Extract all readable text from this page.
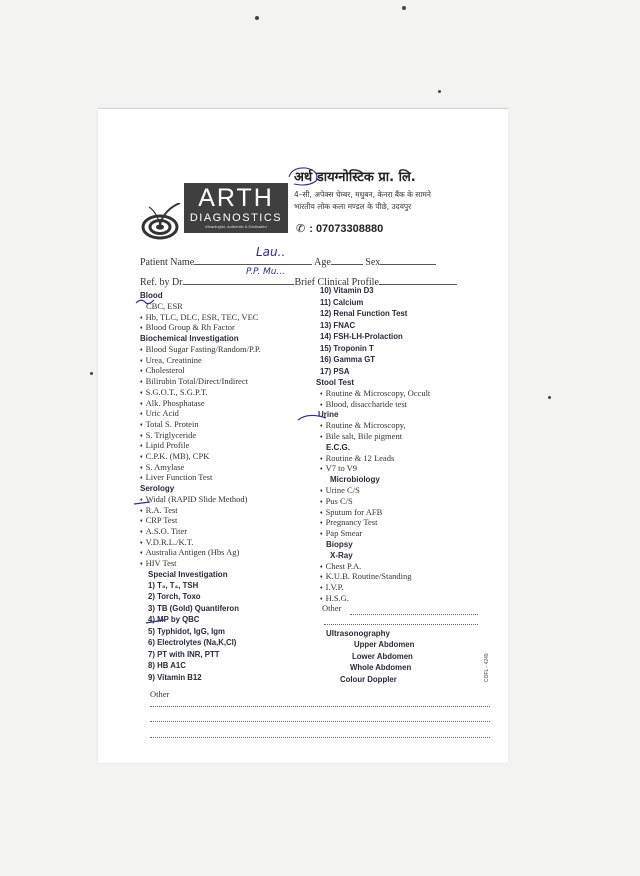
ARTH
DIAGNOSTICS
Meaningful, Authentic & Dedicated
अर्थ डायग्नोस्टिक प्रा. लि.
4–सी, अपेक्स चेम्बर, मधुबन, केनरा बैंक के सामने
भारतीय लोक कला मण्डल के पीछे, उदयपुर
✆ : 07073308880
Patient Name	Age	Sex
Lau..
Ref. by Dr.	Brief Clinical Profile
P.P. Mu...
Blood
CBC, ESR
♦ Hb, TLC, DLC, ESR, TEC, VEC
♦ Blood Group & Rh Factor
Biochemical Investigation
♦ Blood Sugar Fasting/Random/P.P.
♦ Urea, Creatinine
♦ Cholesterol
♦ Bilirubin Total/Direct/Indirect
♦ S.G.O.T., S.G.P.T.
♦ Alk. Phosphatase
♦ Uric Acid
♦ Total S. Protein
♦ S. Triglyceride
♦ Lipid Profile
♦ C.P.K. (MB), CPK
♦ S. Amylase
♦ Liver Function Test
Serology
♦ Widal (RAPID Slide Method)
♦ R.A. Test
♦ CRP Test
♦ A.S.O. Titer
♦ V.D.R.L./K.T.
♦ Australia Antigen (Hbs Ag)
♦ HIV Test
Special Investigation
1) T₃, T₄, TSH
2) Torch, Toxo
3) TB (Gold) Quantiferon
4) MP by QBC
5) Typhidot, IgG, Igm
6) Electrolytes (Na,K,Cl)
7) PT with INR, PTT
8) HB A1C
9) Vitamin B12
10) Vitamin D3
11) Calcium
12) Renal Function Test
13) FNAC
14) FSH-LH-Prolaction
15) Troponin T
16) Gamma GT
17) PSA
Stool Test
♦ Routine & Microscopy, Occult
♦ Blood, disaccharide test
Urine
♦ Routine & Microscopy,
♦ Bile salt, Bile pigment
E.C.G.
♦ Routine & 12 Leads
♦ V7 to V9
Microbiology
♦ Urine C/S
♦ Pus C/S
♦ Sputum for AFB
♦ Pregnancy Test
♦ Pap Smear
Biopsy
X-Ray
♦ Chest P.A.
♦ K.U.B. Routine/Standing
♦ I.V.P.
♦ H.S.G.
Other
Ultrasonography
Upper Abdomen
Lower Abdomen
Whole Abdomen
Colour Doppler	COFL - 4249
Other
